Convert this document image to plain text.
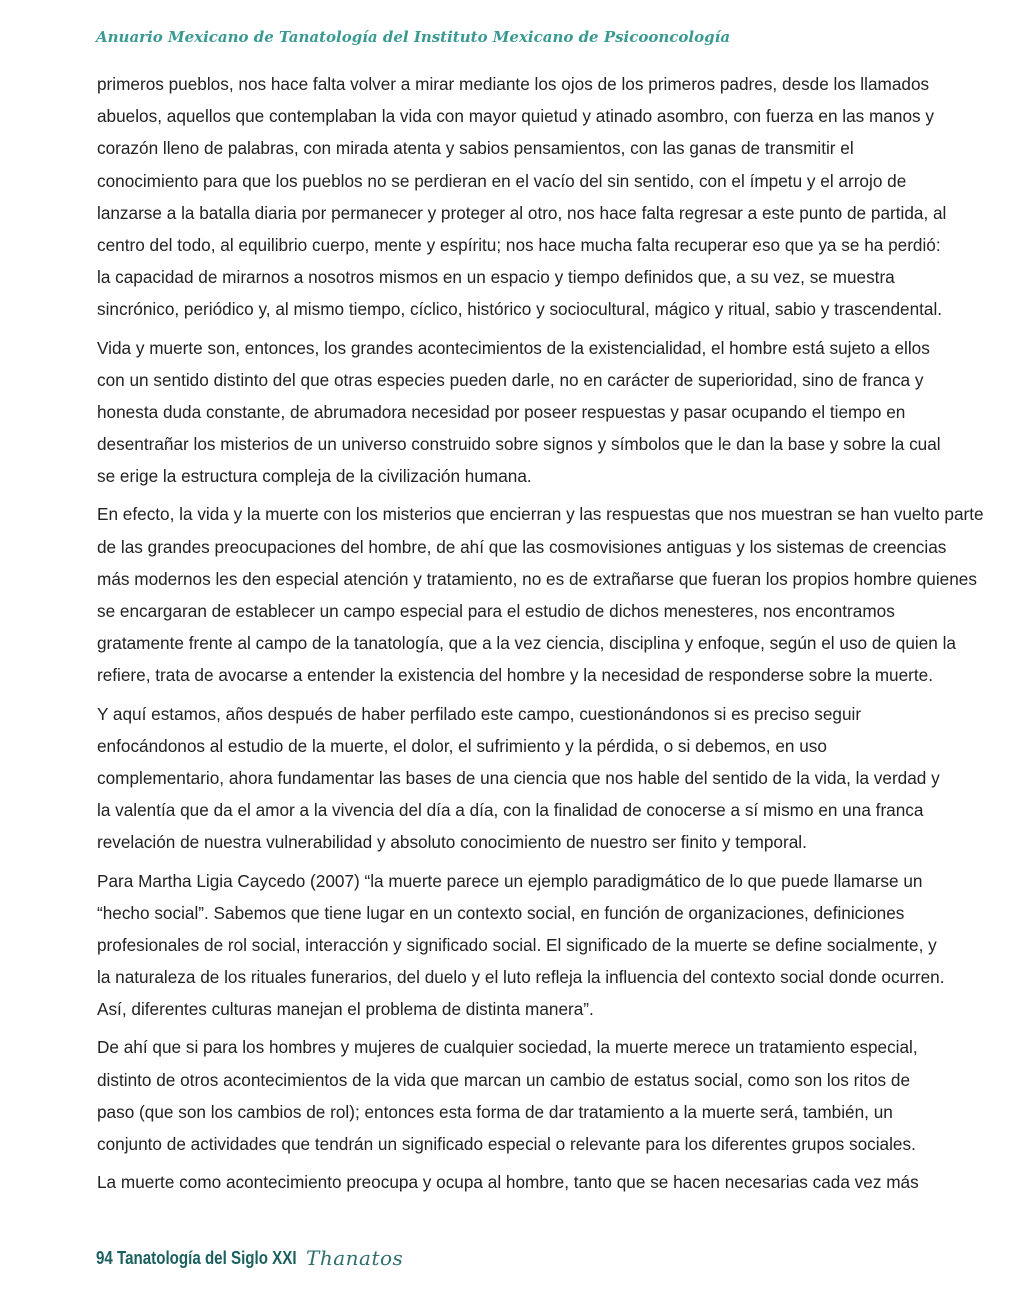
Anuario Mexicano de Tanatología del Instituto Mexicano de Psicooncología
primeros pueblos, nos hace falta volver a mirar mediante los ojos de los primeros padres, desde los llamados
abuelos, aquellos que contemplaban la vida con mayor quietud y atinado asombro, con fuerza en las manos y
corazón lleno de palabras, con mirada atenta y sabios pensamientos, con las ganas de transmitir el
conocimiento para que los pueblos no se perdieran en el vacío del sin sentido, con el ímpetu y el arrojo de
lanzarse a la batalla diaria por permanecer y proteger al otro, nos hace falta regresar a este punto de partida, al
centro del todo, al equilibrio cuerpo, mente y espíritu; nos hace mucha falta recuperar eso que ya se ha perdió:
la capacidad de mirarnos a nosotros mismos en un espacio y tiempo definidos que, a su vez, se muestra
sincrónico, periódico y, al mismo tiempo, cíclico, histórico y sociocultural, mágico y ritual, sabio y trascendental.
Vida y muerte son, entonces, los grandes acontecimientos de la existencialidad, el hombre está sujeto a ellos
con un sentido distinto del que otras especies pueden darle, no en carácter de superioridad, sino de franca y
honesta duda constante, de abrumadora necesidad por poseer respuestas y pasar ocupando el tiempo en
desentrañar los misterios de un universo construido sobre signos y símbolos que le dan la base y sobre la cual
se erige la estructura compleja de la civilización humana.
En efecto, la vida y la muerte con los misterios que encierran y las respuestas que nos muestran se han vuelto parte
de las grandes preocupaciones del hombre, de ahí que las cosmovisiones antiguas y los sistemas de creencias
más modernos les den especial atención y tratamiento, no es de extrañarse que fueran los propios hombre quienes
se encargaran de establecer un campo especial para el estudio de dichos menesteres, nos encontramos
gratamente frente al campo de la tanatología, que a la vez ciencia, disciplina y enfoque, según el uso de quien la
refiere, trata de avocarse a entender la existencia del hombre y la necesidad de responderse sobre la muerte.
Y aquí estamos, años después de haber perfilado este campo, cuestionándonos si es preciso seguir
enfocándonos al estudio de la muerte, el dolor, el sufrimiento y la pérdida, o si debemos, en uso
complementario, ahora fundamentar las bases de una ciencia que nos hable del sentido de la vida, la verdad y
la valentía que da el amor a la vivencia del día a día, con la finalidad de conocerse a sí mismo en una franca
revelación de nuestra vulnerabilidad y absoluto conocimiento de nuestro ser finito y temporal.
Para Martha Ligia Caycedo (2007) “la muerte parece un ejemplo paradigmático de lo que puede llamarse un
“hecho social”. Sabemos que tiene lugar en un contexto social, en función de organizaciones, definiciones
profesionales de rol social, interacción y significado social. El significado de la muerte se define socialmente, y
la naturaleza de los rituales funerarios, del duelo y el luto refleja la influencia del contexto social donde ocurren.
Así, diferentes culturas manejan el problema de distinta manera”.
De ahí que si para los hombres y mujeres de cualquier sociedad, la muerte merece un tratamiento especial,
distinto de otros acontecimientos de la vida que marcan un cambio de estatus social, como son los ritos de
paso (que son los cambios de rol); entonces esta forma de dar tratamiento a la muerte será, también, un
conjunto de actividades que tendrán un significado especial o relevante para los diferentes grupos sociales.
La muerte como acontecimiento preocupa y ocupa al hombre, tanto que se hacen necesarias cada vez más
94 Tanatología del Siglo XXI Thanatos
